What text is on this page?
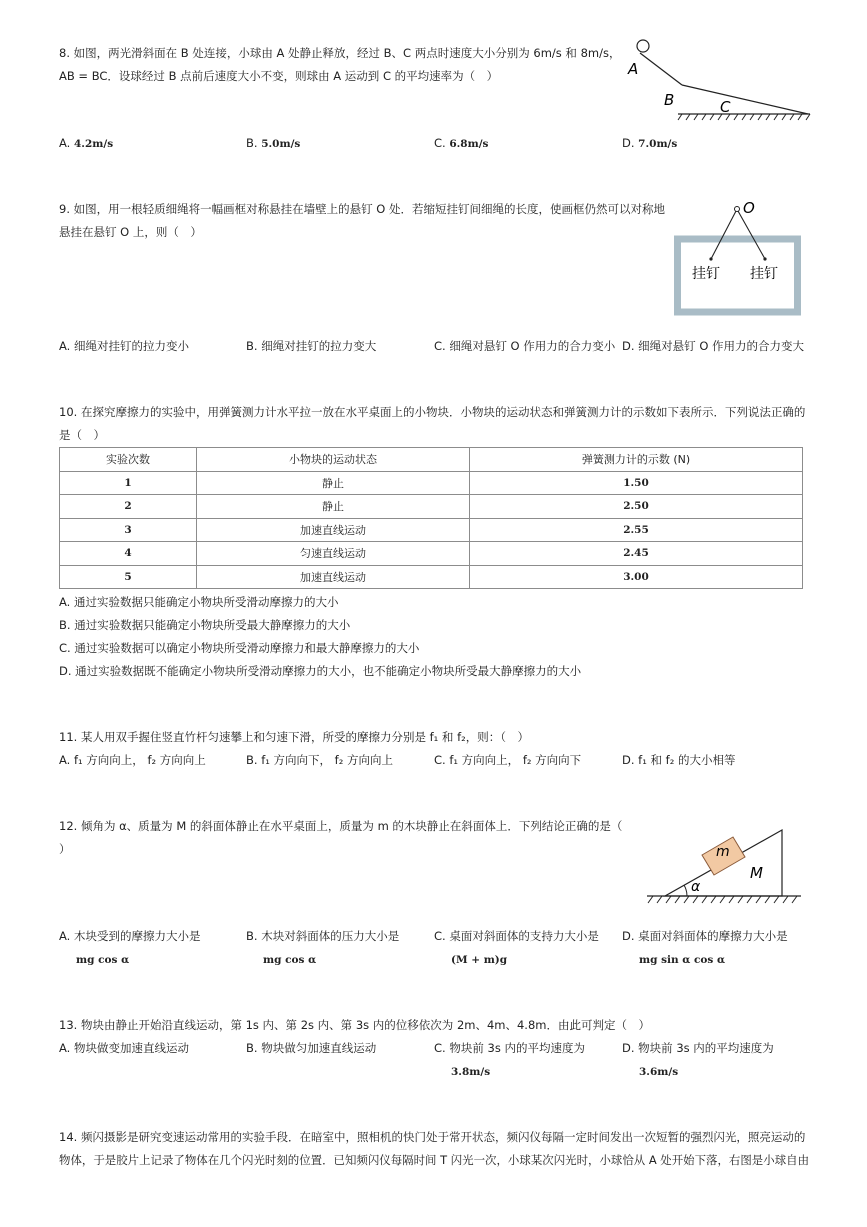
8. 如图，两光滑斜面在 B 处连接，小球由 A 处静止释放，经过 B、C 两点时速度大小分别为 6m/s 和 8m/s，
AB = BC．设球经过 B 点前后速度大小不变，则球由 A 运动到 C 的平均速率为（　）
A. 4.2m/s	B. 5.0m/s	C. 6.8m/s	D. 7.0m/s
A
B	C
9. 如图，用一根轻质细绳将一幅画框对称悬挂在墙壁上的悬钉 O 处．若缩短挂钉间细绳的长度，使画框仍然可以对称地
悬挂在悬钉 O 上，则（　）
O
挂钉 挂钉
A. 细绳对挂钉的拉力变小	B. 细绳对挂钉的拉力变大	C. 细绳对悬钉 O 作用力的合力变小 D. 细绳对悬钉 O 作用力的合力变大
10. 在探究摩擦力的实验中，用弹簧测力计水平拉一放在水平桌面上的小物块．小物块的运动状态和弹簧测力计的示数如下表所示．下列说法正确的
是（　）
实验次数	小物块的运动状态	弹簧测力计的示数 (N)
1	静止	1.50
2	静止	2.50
3	加速直线运动	2.55
4	匀速直线运动	2.45
5	加速直线运动	3.00
A. 通过实验数据只能确定小物块所受滑动摩擦力的大小
B. 通过实验数据只能确定小物块所受最大静摩擦力的大小
C. 通过实验数据可以确定小物块所受滑动摩擦力和最大静摩擦力的大小
D. 通过实验数据既不能确定小物块所受滑动摩擦力的大小，也不能确定小物块所受最大静摩擦力的大小
11. 某人用双手握住竖直竹杆匀速攀上和匀速下滑，所受的摩擦力分别是 f₁ 和 f₂，则：（　）
A. f₁ 方向向上， f₂ 方向向上	B. f₁ 方向向下， f₂ 方向向上	C. f₁ 方向向上， f₂ 方向向下	D. f₁ 和 f₂ 的大小相等
12. 倾角为 α、质量为 M 的斜面体静止在水平桌面上，质量为 m 的木块静止在斜面体上．下列结论正确的是（
）	m
M
α
A. 木块受到的摩擦力大小是
mg cos α
B. 木块对斜面体的压力大小是
mg cos α
C. 桌面对斜面体的支持力大小是
(M + m)g
D. 桌面对斜面体的摩擦力大小是
mg sin α cos α
13. 物块由静止开始沿直线运动，第 1s 内、第 2s 内、第 3s 内的位移依次为 2m、4m、4.8m．由此可判定（　）
A. 物块做变加速直线运动	B. 物块做匀加速直线运动	C. 物块前 3s 内的平均速度为
3.8m/s
D. 物块前 3s 内的平均速度为
3.6m/s
14. 频闪摄影是研究变速运动常用的实验手段．在暗室中，照相机的快门处于常开状态，频闪仪每隔一定时间发出一次短暂的强烈闪光，照亮运动的
物体，于是胶片上记录了物体在几个闪光时刻的位置．已知频闪仪每隔时间 T 闪光一次，小球某次闪光时，小球恰从 A 处开始下落，右图是小球自由
